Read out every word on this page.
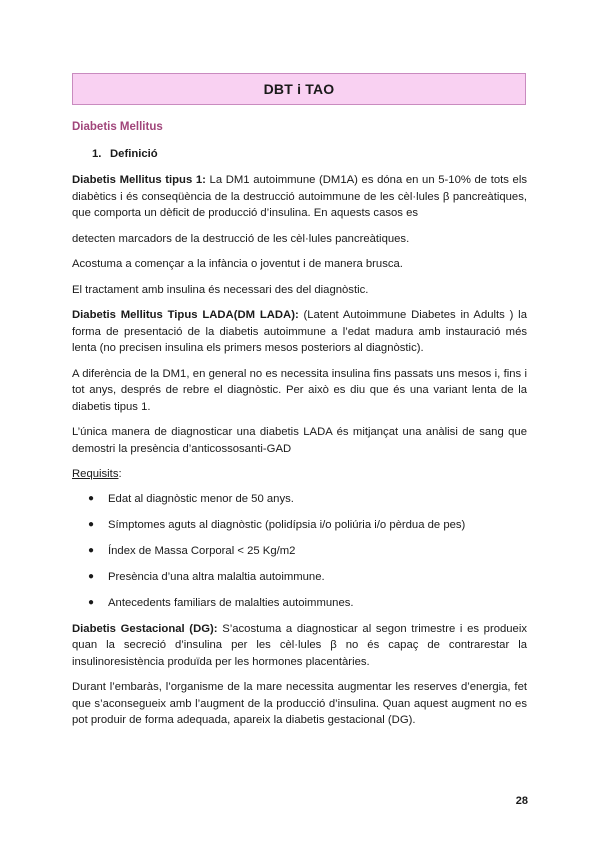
DBT i TAO
Diabetis Mellitus
1. Definició

Diabetis Mellitus tipus 1: La DM1 autoimmune (DM1A) es dóna en un 5-10% de tots els diabètics i és conseqüència de la destrucció autoimmune de les cèl·lules β pancreàtiques, que comporta un dèficit de producció d’insulina. En aquests casos es

detecten marcadors de la destrucció de les cèl·lules pancreàtiques.

Acostuma a començar a la infància o joventut i de manera brusca.

El tractament amb insulina és necessari des del diagnòstic.

Diabetis Mellitus Tipus LADA(DM LADA): (Latent Autoimmune Diabetes in Adults ) la forma de presentació de la diabetis autoimmune a l’edat madura amb instauració més lenta (no precisen insulina els primers mesos posteriors al diagnòstic).

A diferència de la DM1, en general no es necessita insulina fins passats uns mesos i, fins i tot anys, després de rebre el diagnòstic. Per això es diu que és una variant lenta de la diabetis tipus 1.

L’única manera de diagnosticar una diabetis LADA és mitjançat una anàlisi de sang que demostri la presència d’anticossosanti-GAD

Requisits:
● Edat al diagnòstic menor de 50 anys.
● Símptomes aguts al diagnòstic (polidípsia i/o poliúria i/o pèrdua de pes)
● Índex de Massa Corporal < 25 Kg/m2
● Presència d’una altra malaltia autoimmune.
● Antecedents familiars de malalties autoimmunes.

Diabetis Gestacional (DG): S’acostuma a diagnosticar al segon trimestre i es produeix quan la secreció d’insulina per les cèl·lules β no és capaç de contrarestar la insulinoresistència produïda per les hormones placentàries.

Durant l’embaràs, l’organisme de la mare necessita augmentar les reserves d’energia, fet que s’aconsegueix amb l’augment de la producció d’insulina. Quan aquest augment no es pot produir de forma adequada, apareix la diabetis gestacional (DG).

28
